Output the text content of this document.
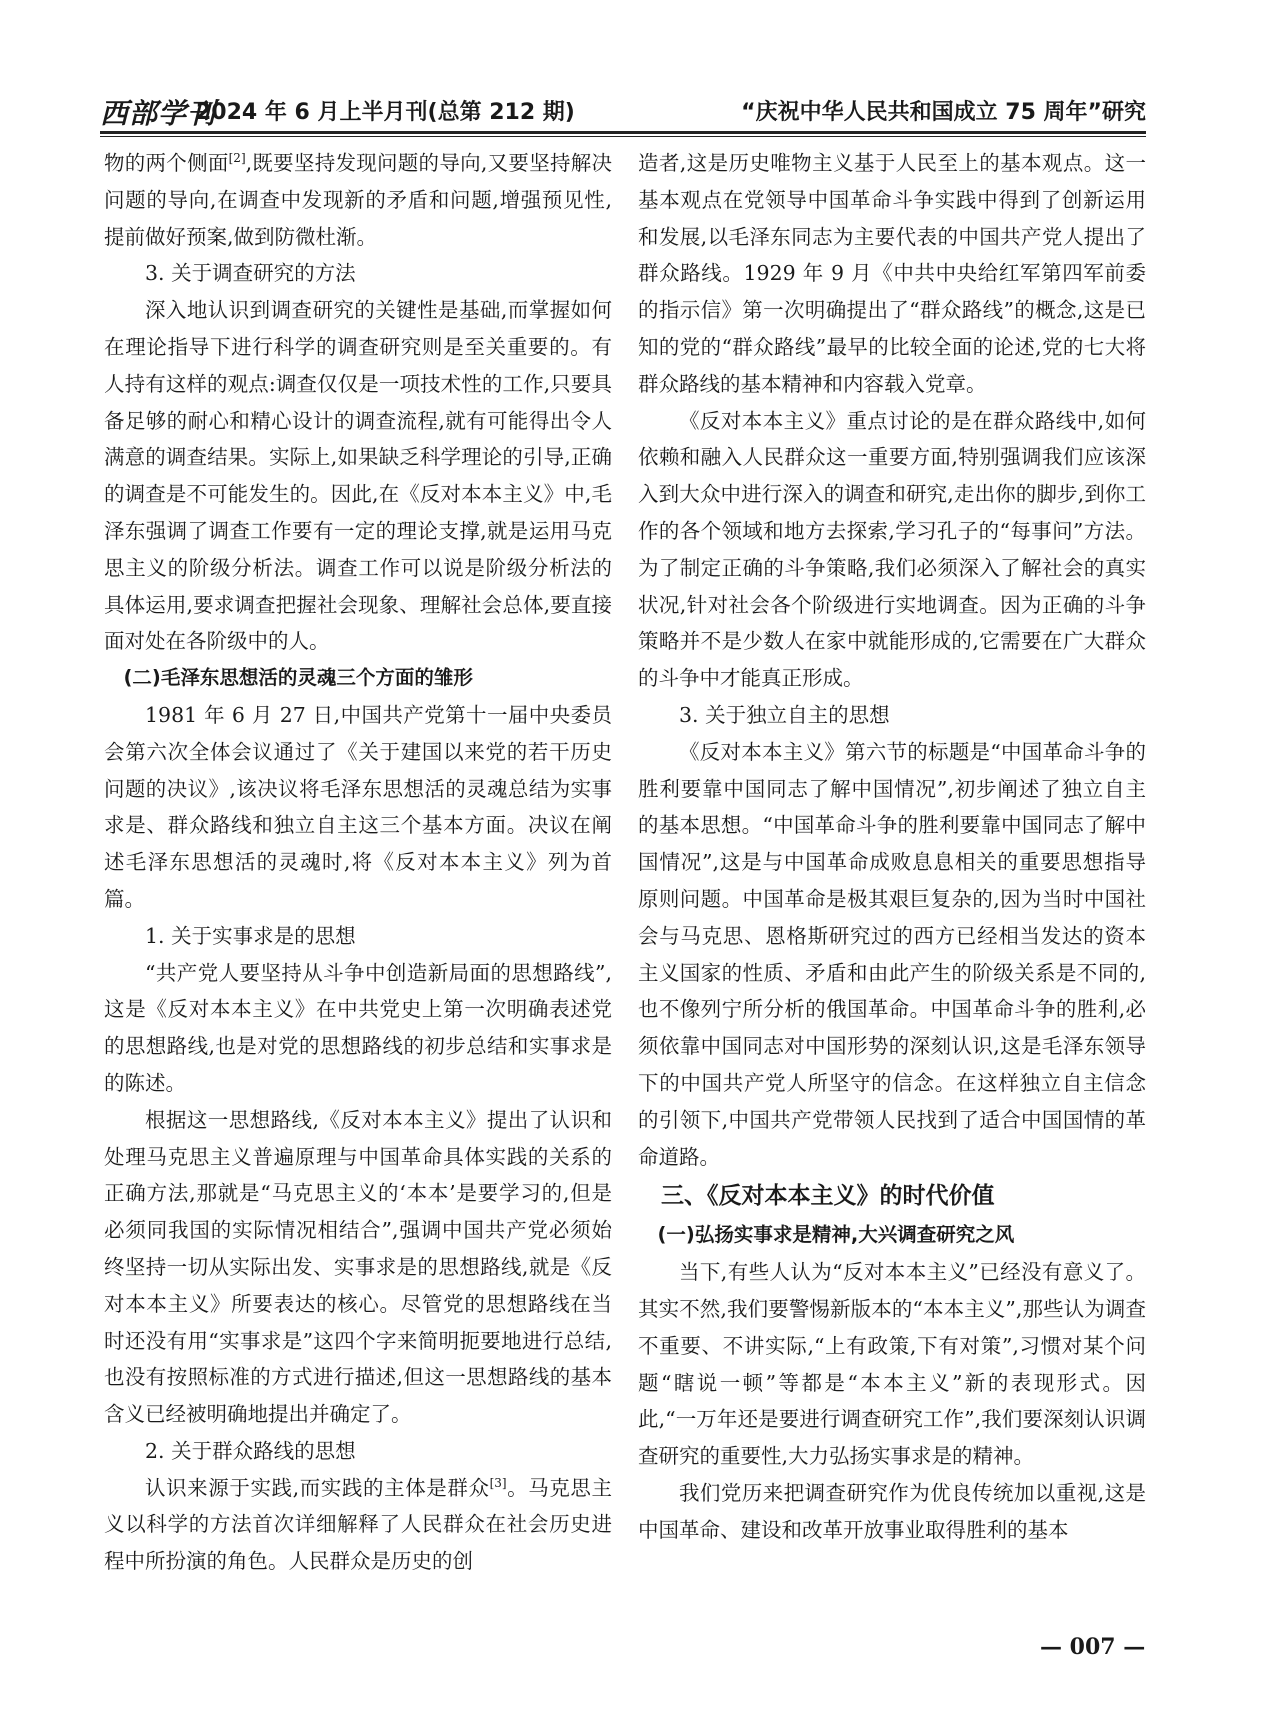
西部学刊
2024 年 6 月上半月刊(总第 212 期)	“庆祝中华人民共和国成立 75 周年”研究

物的两个侧面[2],既要坚持发现问题的导向,又要坚持解决问题的导向,在调查中发现新的矛盾和问题,增强预见性,提前做好预案,做到防微杜渐。

3. 关于调查研究的方法

深入地认识到调查研究的关键性是基础,而掌握如何在理论指导下进行科学的调查研究则是至关重要的。有人持有这样的观点:调查仅仅是一项技术性的工作,只要具备足够的耐心和精心设计的调查流程,就有可能得出令人满意的调查结果。实际上,如果缺乏科学理论的引导,正确的调查是不可能发生的。因此,在《反对本本主义》中,毛泽东强调了调查工作要有一定的理论支撑,就是运用马克思主义的阶级分析法。调查工作可以说是阶级分析法的具体运用,要求调查把握社会现象、理解社会总体,要直接面对处在各阶级中的人。

(二)毛泽东思想活的灵魂三个方面的雏形

1981 年 6 月 27 日,中国共产党第十一届中央委员会第六次全体会议通过了《关于建国以来党的若干历史问题的决议》,该决议将毛泽东思想活的灵魂总结为实事求是、群众路线和独立自主这三个基本方面。决议在阐述毛泽东思想活的灵魂时,将《反对本本主义》列为首篇。

1. 关于实事求是的思想

“共产党人要坚持从斗争中创造新局面的思想路线”,这是《反对本本主义》在中共党史上第一次明确表述党的思想路线,也是对党的思想路线的初步总结和实事求是的陈述。

根据这一思想路线,《反对本本主义》提出了认识和处理马克思主义普遍原理与中国革命具体实践的关系的正确方法,那就是“马克思主义的‘本本’是要学习的,但是必须同我国的实际情况相结合”,强调中国共产党必须始终坚持一切从实际出发、实事求是的思想路线,就是《反对本本主义》所要表达的核心。尽管党的思想路线在当时还没有用“实事求是”这四个字来简明扼要地进行总结,也没有按照标准的方式进行描述,但这一思想路线的基本含义已经被明确地提出并确定了。

2. 关于群众路线的思想

认识来源于实践,而实践的主体是群众[3]。马克思主义以科学的方法首次详细解释了人民群众在社会历史进程中所扮演的角色。人民群众是历史的创

造者,这是历史唯物主义基于人民至上的基本观点。这一基本观点在党领导中国革命斗争实践中得到了创新运用和发展,以毛泽东同志为主要代表的中国共产党人提出了群众路线。1929 年 9 月《中共中央给红军第四军前委的指示信》第一次明确提出了“群众路线”的概念,这是已知的党的“群众路线”最早的比较全面的论述,党的七大将群众路线的基本精神和内容载入党章。

《反对本本主义》重点讨论的是在群众路线中,如何依赖和融入人民群众这一重要方面,特别强调我们应该深入到大众中进行深入的调查和研究,走出你的脚步,到你工作的各个领域和地方去探索,学习孔子的“每事问”方法。为了制定正确的斗争策略,我们必须深入了解社会的真实状况,针对社会各个阶级进行实地调查。因为正确的斗争策略并不是少数人在家中就能形成的,它需要在广大群众的斗争中才能真正形成。

3. 关于独立自主的思想

《反对本本主义》第六节的标题是“中国革命斗争的胜利要靠中国同志了解中国情况”,初步阐述了独立自主的基本思想。“中国革命斗争的胜利要靠中国同志了解中国情况”,这是与中国革命成败息息相关的重要思想指导原则问题。中国革命是极其艰巨复杂的,因为当时中国社会与马克思、恩格斯研究过的西方已经相当发达的资本主义国家的性质、矛盾和由此产生的阶级关系是不同的,也不像列宁所分析的俄国革命。中国革命斗争的胜利,必须依靠中国同志对中国形势的深刻认识,这是毛泽东领导下的中国共产党人所坚守的信念。在这样独立自主信念的引领下,中国共产党带领人民找到了适合中国国情的革命道路。

三、《反对本本主义》的时代价值

(一)弘扬实事求是精神,大兴调查研究之风

当下,有些人认为“反对本本主义”已经没有意义了。其实不然,我们要警惕新版本的“本本主义”,那些认为调查不重要、不讲实际,“上有政策,下有对策”,习惯对某个问题“瞎说一顿”等都是“本本主义”新的表现形式。因此,“一万年还是要进行调查研究工作”,我们要深刻认识调查研究的重要性,大力弘扬实事求是的精神。

我们党历来把调查研究作为优良传统加以重视,这是中国革命、建设和改革开放事业取得胜利的基本

— 007 —
